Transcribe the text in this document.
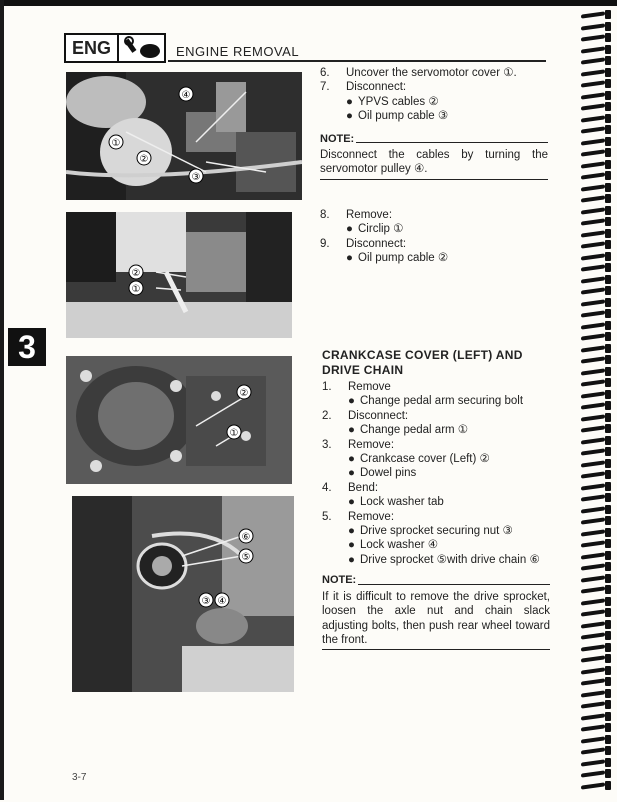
ENG	ENGINE REMOVAL
3
④
①
②
③
②
①
②
①
⑥
⑤
③ ④
6.	Uncover the servomotor cover ①.
7.	Disconnect:
● YPVS cables ②
● Oil pump cable ③
NOTE:
Disconnect the cables by turning the servomotor pulley ④.
8.	Remove:
● Circlip ①
9.	Disconnect:
● Oil pump cable ②
CRANKCASE COVER (LEFT) AND DRIVE CHAIN
1.	Remove
● Change pedal arm securing bolt
2.	Disconnect:
● Change pedal arm ①
3.	Remove:
● Crankcase cover (Left) ②
● Dowel pins
4.	Bend:
● Lock washer tab
5.	Remove:
● Drive sprocket securing nut ③
● Lock washer ④
● Drive sprocket ⑤with drive chain ⑥
NOTE:
If it is difficult to remove the drive sprocket, loosen the axle nut and chain slack adjusting bolts, then push rear wheel toward the front.
3-7
